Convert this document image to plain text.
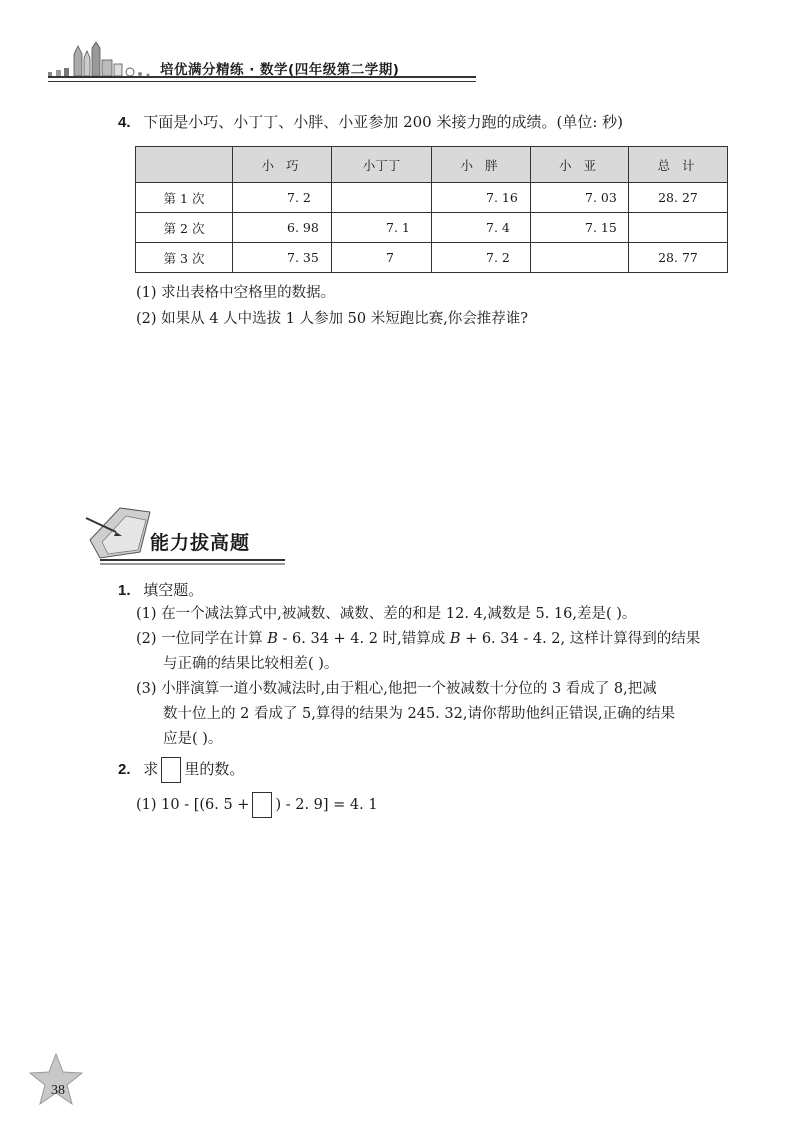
培优满分精练 · 数学(四年级第二学期)
4. 下面是小巧、小丁丁、小胖、小亚参加 200 米接力跑的成绩。(单位: 秒)
	小 巧	小丁丁	小 胖	小 亚	总 计
第 1 次	7. 2		7. 16	7. 03	28. 27
第 2 次	6. 98	7. 1	7. 4	7. 15	
第 3 次	7. 35	7	7. 2		28. 77
(1) 求出表格中空格里的数据。
(2) 如果从 4 人中选拔 1 人参加 50 米短跑比赛,你会推荐谁?
能力拔高题
1. 填空题。
(1) 在一个减法算式中,被减数、减数、差的和是 12. 4,减数是 5. 16,差是( )。
(2) 一位同学在计算 B - 6. 34 + 4. 2 时,错算成 B + 6. 34 - 4. 2, 这样计算得到的结果
与正确的结果比较相差( )。
(3) 小胖演算一道小数减法时,由于粗心,他把一个被减数十分位的 3 看成了 8,把减
数十位上的 2 看成了 5,算得的结果为 245. 32,请你帮助他纠正错误,正确的结果
应是( )。
2. 求 里的数。
(1) 10 - [(6. 5 + ) - 2. 9] = 4. 1
38
